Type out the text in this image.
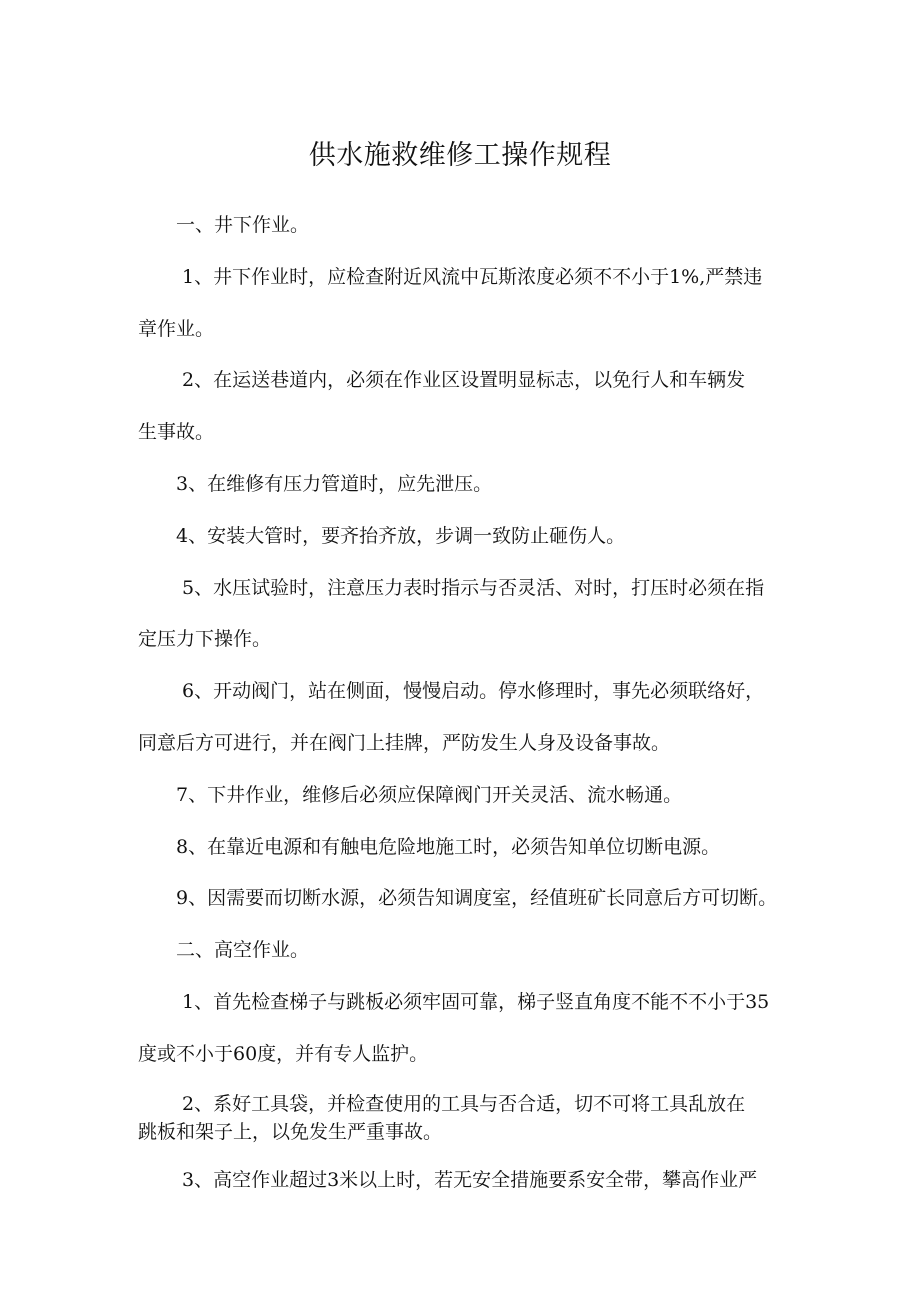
供水施救维修工操作规程
一、井下作业。
1、井下作业时，应检查附近风流中瓦斯浓度必须不不小于1%,严禁违
章作业。
2、在运送巷道内，必须在作业区设置明显标志，以免行人和车辆发
生事故。
3、在维修有压力管道时，应先泄压。
4、安装大管时，要齐抬齐放，步调一致防止砸伤人。
5、水压试验时，注意压力表时指示与否灵活、对时，打压时必须在指
定压力下操作。
6、开动阀门，站在侧面，慢慢启动。停水修理时，事先必须联络好，
同意后方可进行，并在阀门上挂牌，严防发生人身及设备事故。
7、下井作业，维修后必须应保障阀门开关灵活、流水畅通。
8、在靠近电源和有触电危险地施工时，必须告知单位切断电源。
9、因需要而切断水源，必须告知调度室，经值班矿长同意后方可切断。
二、高空作业。
1、首先检查梯子与跳板必须牢固可靠，梯子竖直角度不能不不小于35
度或不小于60度，并有专人监护。
2、系好工具袋，并检查使用的工具与否合适，切不可将工具乱放在
跳板和架子上，以免发生严重事故。
3、高空作业超过3米以上时，若无安全措施要系安全带，攀高作业严
